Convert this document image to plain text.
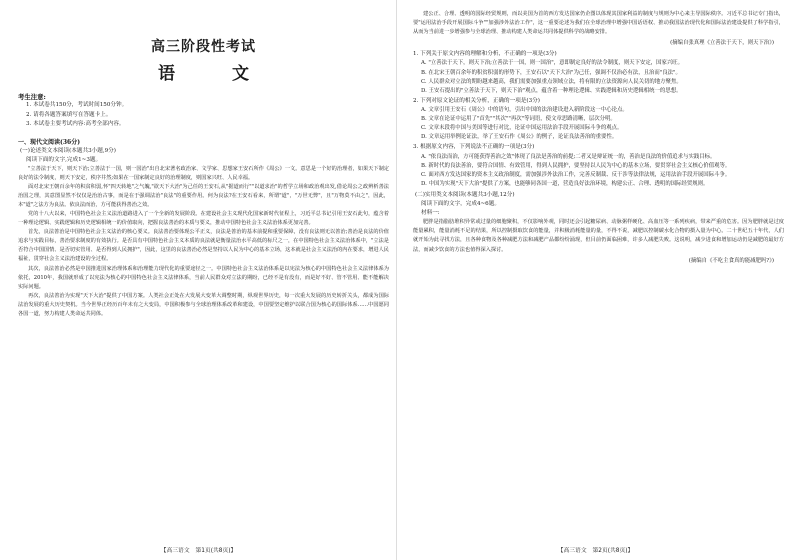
高三阶段性考试
语　文
考生注意:
1. 本试卷共150分，考试时间150分钟。
2. 请将各题答案填写在答题卡上。
3. 本试卷主要考试内容:高考全部内容。
一、现代文阅读(36分)
(一)论述类文本阅读(本题共3小题,9分)
阅读下面的文字,完成1~3题。

"立善法于天下，则天下治;立善法于一国，则一国治"出自北宋著名政治家、文学家、思想家王安石所作《周公》一文。意思是一个好的治理者，如果天下制定良好的法令制度，则天下安定，秩序井然;如果在一国家制定良好的治理制度，则国家兴旺、人民幸福。

面对北宋王朝百余年的积贫积弱,怀"四天转地"之气魄,"欲天下大治"为己任的王安石,从"据道而行""以道求治"的哲学立场和政治观出发,借论周公之政辨析善法治国之理，其意图显然不仅仅是治治古事，而是在于强调法治"良法"的重要作用。何为良法?在王安石看来，所谓"道"，"万世无弊"，且"万物莫不由之"，因此，本"道"之法方为良法。依良法而治，方可能获得善治之效。

党的十八大以来，中国特色社会主义法治道路进入了一个全新的发展阶段。在建设社会主义现代化国家新时代征程上，习近平总书记引用王安石此句，蕴含着一种理论逻辑、实践逻辑和历史逻辑相统一的价值取向，把握良法善治的本质与要义，推动中国特色社会主义法治体系更加完善。

首先，良法善治是中国特色社会主义法治的核心要义。良法善治要体现公平正义，良法是善治的基本前提和重要保障，没有良法则无以善治;善治是良法的价值追求与实践目标，善治要求制度的有效执行。是否具有中国特色社会主义本质的良法就是衡量法治水平高低的标尺之一，在中国特色社会主义法治体系中，"立法是否符合中国国情、是否切实管用、是否得到人民拥护"，因此，这里的良法善治必然是坚持以人民为中心的基本立场，这本就是社会主义法治的内在要求，增进人民福祉，贯穿社会主义法治建设的全过程。

其次，良法善治必然是中国推进国家治理体系和治理能力现代化的重要途径之一。中国特色社会主义法治体系是以宪法为核心的中国特色社会主义法律体系为依托，2010年，我国就形成了以宪法为核心的中国特色社会主义法律体系，当前人民群众对立法的期盼，已经不是有没有，而是好不好、管不管用、能不能解决实际问题。

再次，良法善治为实现"天下大治"提供了中国方案。人类社会正处在大发展大变革大调整时期，纵观世界历史，每一次重大发展的历史转折关头，都成为国际法治发展的重大历史契机。当今世界正经历百年未有之大变局，中国积极参与全球治理体系改革和建设，中国要坚定维护以联合国为核心的国际体系……中国愿同各国一道，努力构建人类命运共同体。

【高三语文　第1页(共8页)】

建公正、合理、透明的国际经贸规则，而以美国为首的西方发达国家仍企图以体现其国家利益的制度与规则为中心来主导国际秩序。习近平总书记专门指出，要"运用法治手段开展国际斗争""加强涉外法治工作"，这一重要论述为我们在全球治理中增强中国话语权、推动我国法治现代化和国际法治建设提供了科学指引，从而为当前进一步增强参与全球治理、推动构建人类命运共同体提供科学的战略安排。

(摘编自张真理《立善法于天下，则天下治》)
1. 下列关于原文内容的理解和分析，不正确的一项是(3分)
A. "立善法于天下，则天下治;立善法于一国，则一国治"，意即制定良好的法令制度，则天下安定，国家兴旺。
B. 在北宋王朝百余年的积贫积弱的形势下，王安石以"天下大治"为己任，强调不仅治必有法，且治而"良法"。
C. 人民群众对立法的期盼越来越高，我们需要加强重点领域立法，将有限的立法资源向人民关切的地方聚焦。
D. 王安石提出的"立善法于天下，则天下治"观点，蕴含着一种理论逻辑、实践逻辑和历史逻辑相统一的思想。
2. 下列对原文论证的相关分析，正确的一项是(3分)
A. 文章引用王安石《周公》中的语句，引出中国的法治建设进入新阶段这一中心论点。
B. 文章在论证中运用了"首先""其次""再次"等词语，使文章思路清晰，层次分明。
C. 文章末段将中国与美国等进行对比，论证中国运用法治手段开展国际斗争的观点。
D. 文章运用举例论证法，举了王安石作《周公》的例子，论证良法善治的重要性。
3. 根据原文内容，下列说法不正确的一项是(3分)
A. "依良法而治，方可能获得善治之效"体现了良法是善治的前提;二者又是辩证统一的，善治是良法的价值追求与实践目标。
B. 新时代的良法善治，要符合国情、有效管用，得到人民拥护，要坚持以人民为中心的基本立场，要贯穿社会主义核心价值观等。
C. 面对西方发达国家的资本主义政治制度，需加强涉外法治工作，完善反制裁、反干涉等法律法规，运用法治手段开展国际斗争。
D. 中国为实现"天下大治"提供了方案，也能够同各国一道，营造良好法治环境，构建公正、合理、透明的国际经贸规则。
(二)实用类文本阅读(本题共3小题,12分)
阅读下面的文字，完成4~6题。
材料一:

肥胖是指脂肪堆积异常或过量的细胞聚积，不仅影响外观，同时还会引起糖尿病、动脉粥样硬化、高血压等一系列疾病，带来严重的危害。因为肥胖就是过度能量累积，能量消耗不足的结果，所以控制摄取饮食的能量，并积极消耗能量的量，不得不说，减肥以控制碳水化合物的摄入量为中心。二十世纪五十年代，人们就开始为此寻找方法，且各种食物及各种减肥方法和减肥产品都纷纷涌现，但目前仍面临困难，许多人减肥失败。这说明，减少进食和增加运动仍是减肥的最好方法，而减少饮食的方法也值得深入探讨。

(摘编自《不吃主食真的能减肥吗?》)
【高三语文　第2页(共8页)】
